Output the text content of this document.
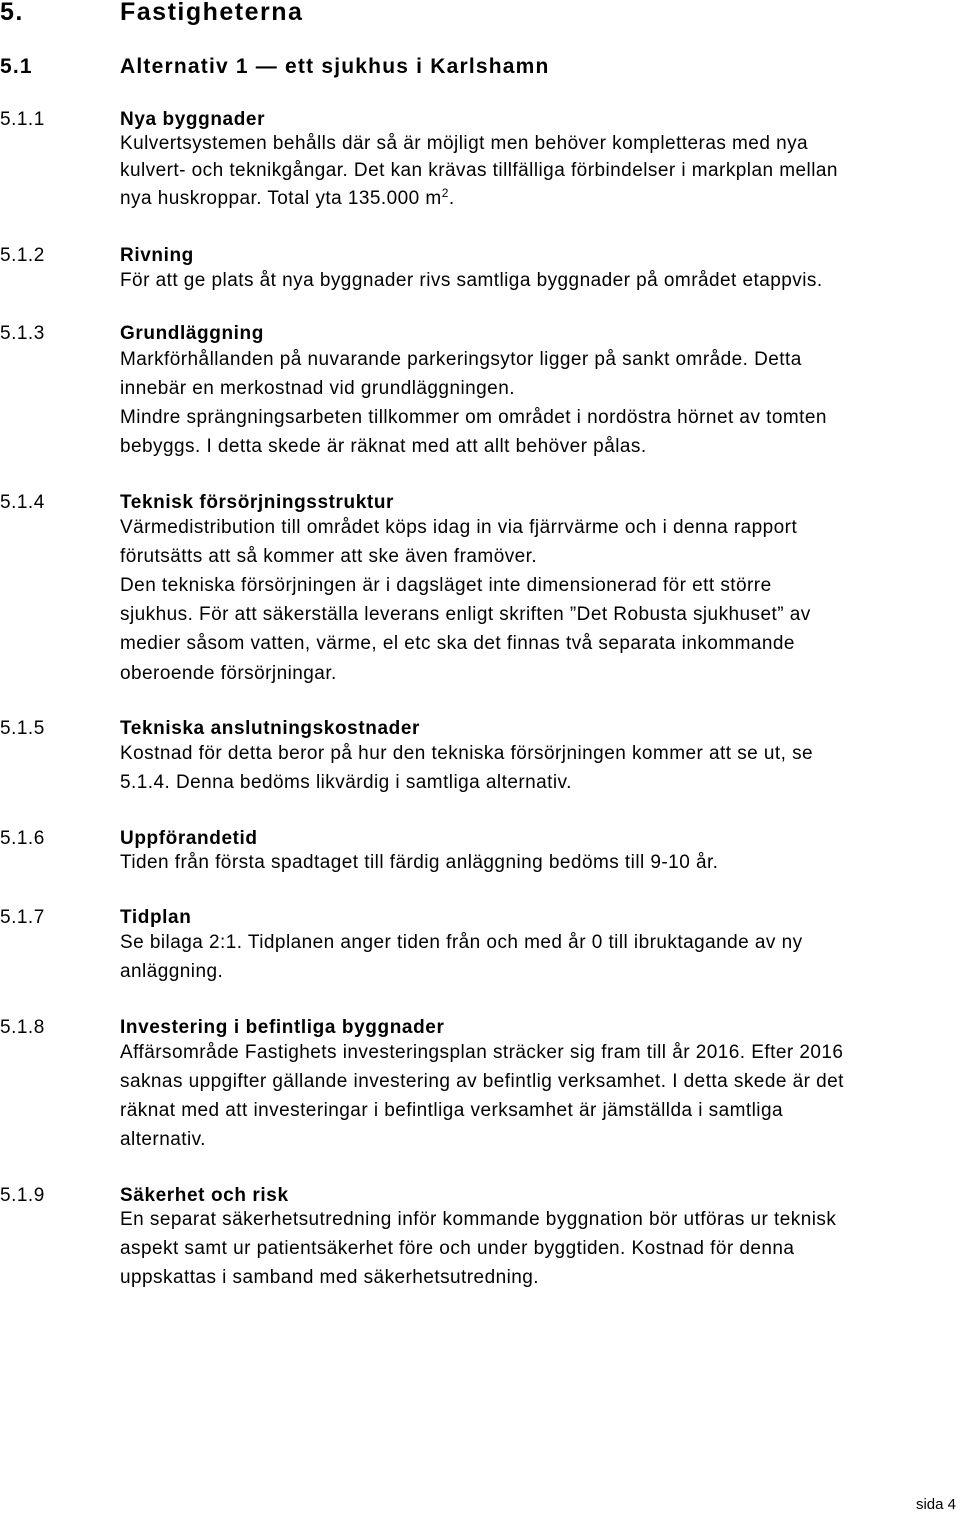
5.	Fastigheterna
5.1	Alternativ 1 — ett sjukhus i Karlshamn
5.1.1	Nya byggnader
Kulvertsystemen behålls där så är möjligt men behöver kompletteras med nya
kulvert- och teknikgångar. Det kan krävas tillfälliga förbindelser i markplan mellan
nya huskroppar. Total yta 135.000 $m^2$.
5.1.2	Rivning
För att ge plats åt nya byggnader rivs samtliga byggnader på området etappvis.
5.1.3	Grundläggning
Markförhållanden på nuvarande parkeringsytor ligger på sankt område. Detta
innebär en merkostnad vid grundläggningen.
Mindre sprängningsarbeten tillkommer om området i nordöstra hörnet av tomten
bebyggs. I detta skede är räknat med att allt behöver pålas.
5.1.4	Teknisk försörjningsstruktur
Värmedistribution till området köps idag in via fjärrvärme och i denna rapport
förutsätts att så kommer att ske även framöver.
Den tekniska försörjningen är i dagsläget inte dimensionerad för ett större
sjukhus. För att säkerställa leverans enligt skriften ”Det Robusta sjukhuset” av
medier såsom vatten, värme, el etc ska det finnas två separata inkommande
oberoende försörjningar.
5.1.5	Tekniska anslutningskostnader
Kostnad för detta beror på hur den tekniska försörjningen kommer att se ut, se
5.1.4. Denna bedöms likvärdig i samtliga alternativ.
5.1.6	Uppförandetid
Tiden från första spadtaget till färdig anläggning bedöms till 9-10 år.
5.1.7	Tidplan
Se bilaga 2:1. Tidplanen anger tiden från och med år 0 till ibruktagande av ny
anläggning.
5.1.8	Investering i befintliga byggnader
Affärsområde Fastighets investeringsplan sträcker sig fram till år 2016. Efter 2016
saknas uppgifter gällande investering av befintlig verksamhet. I detta skede är det
räknat med att investeringar i befintliga verksamhet är jämställda i samtliga
alternativ.
5.1.9	Säkerhet och risk
En separat säkerhetsutredning inför kommande byggnation bör utföras ur teknisk
aspekt samt ur patientsäkerhet före och under byggtiden. Kostnad för denna
uppskattas i samband med säkerhetsutredning.
sida 4
